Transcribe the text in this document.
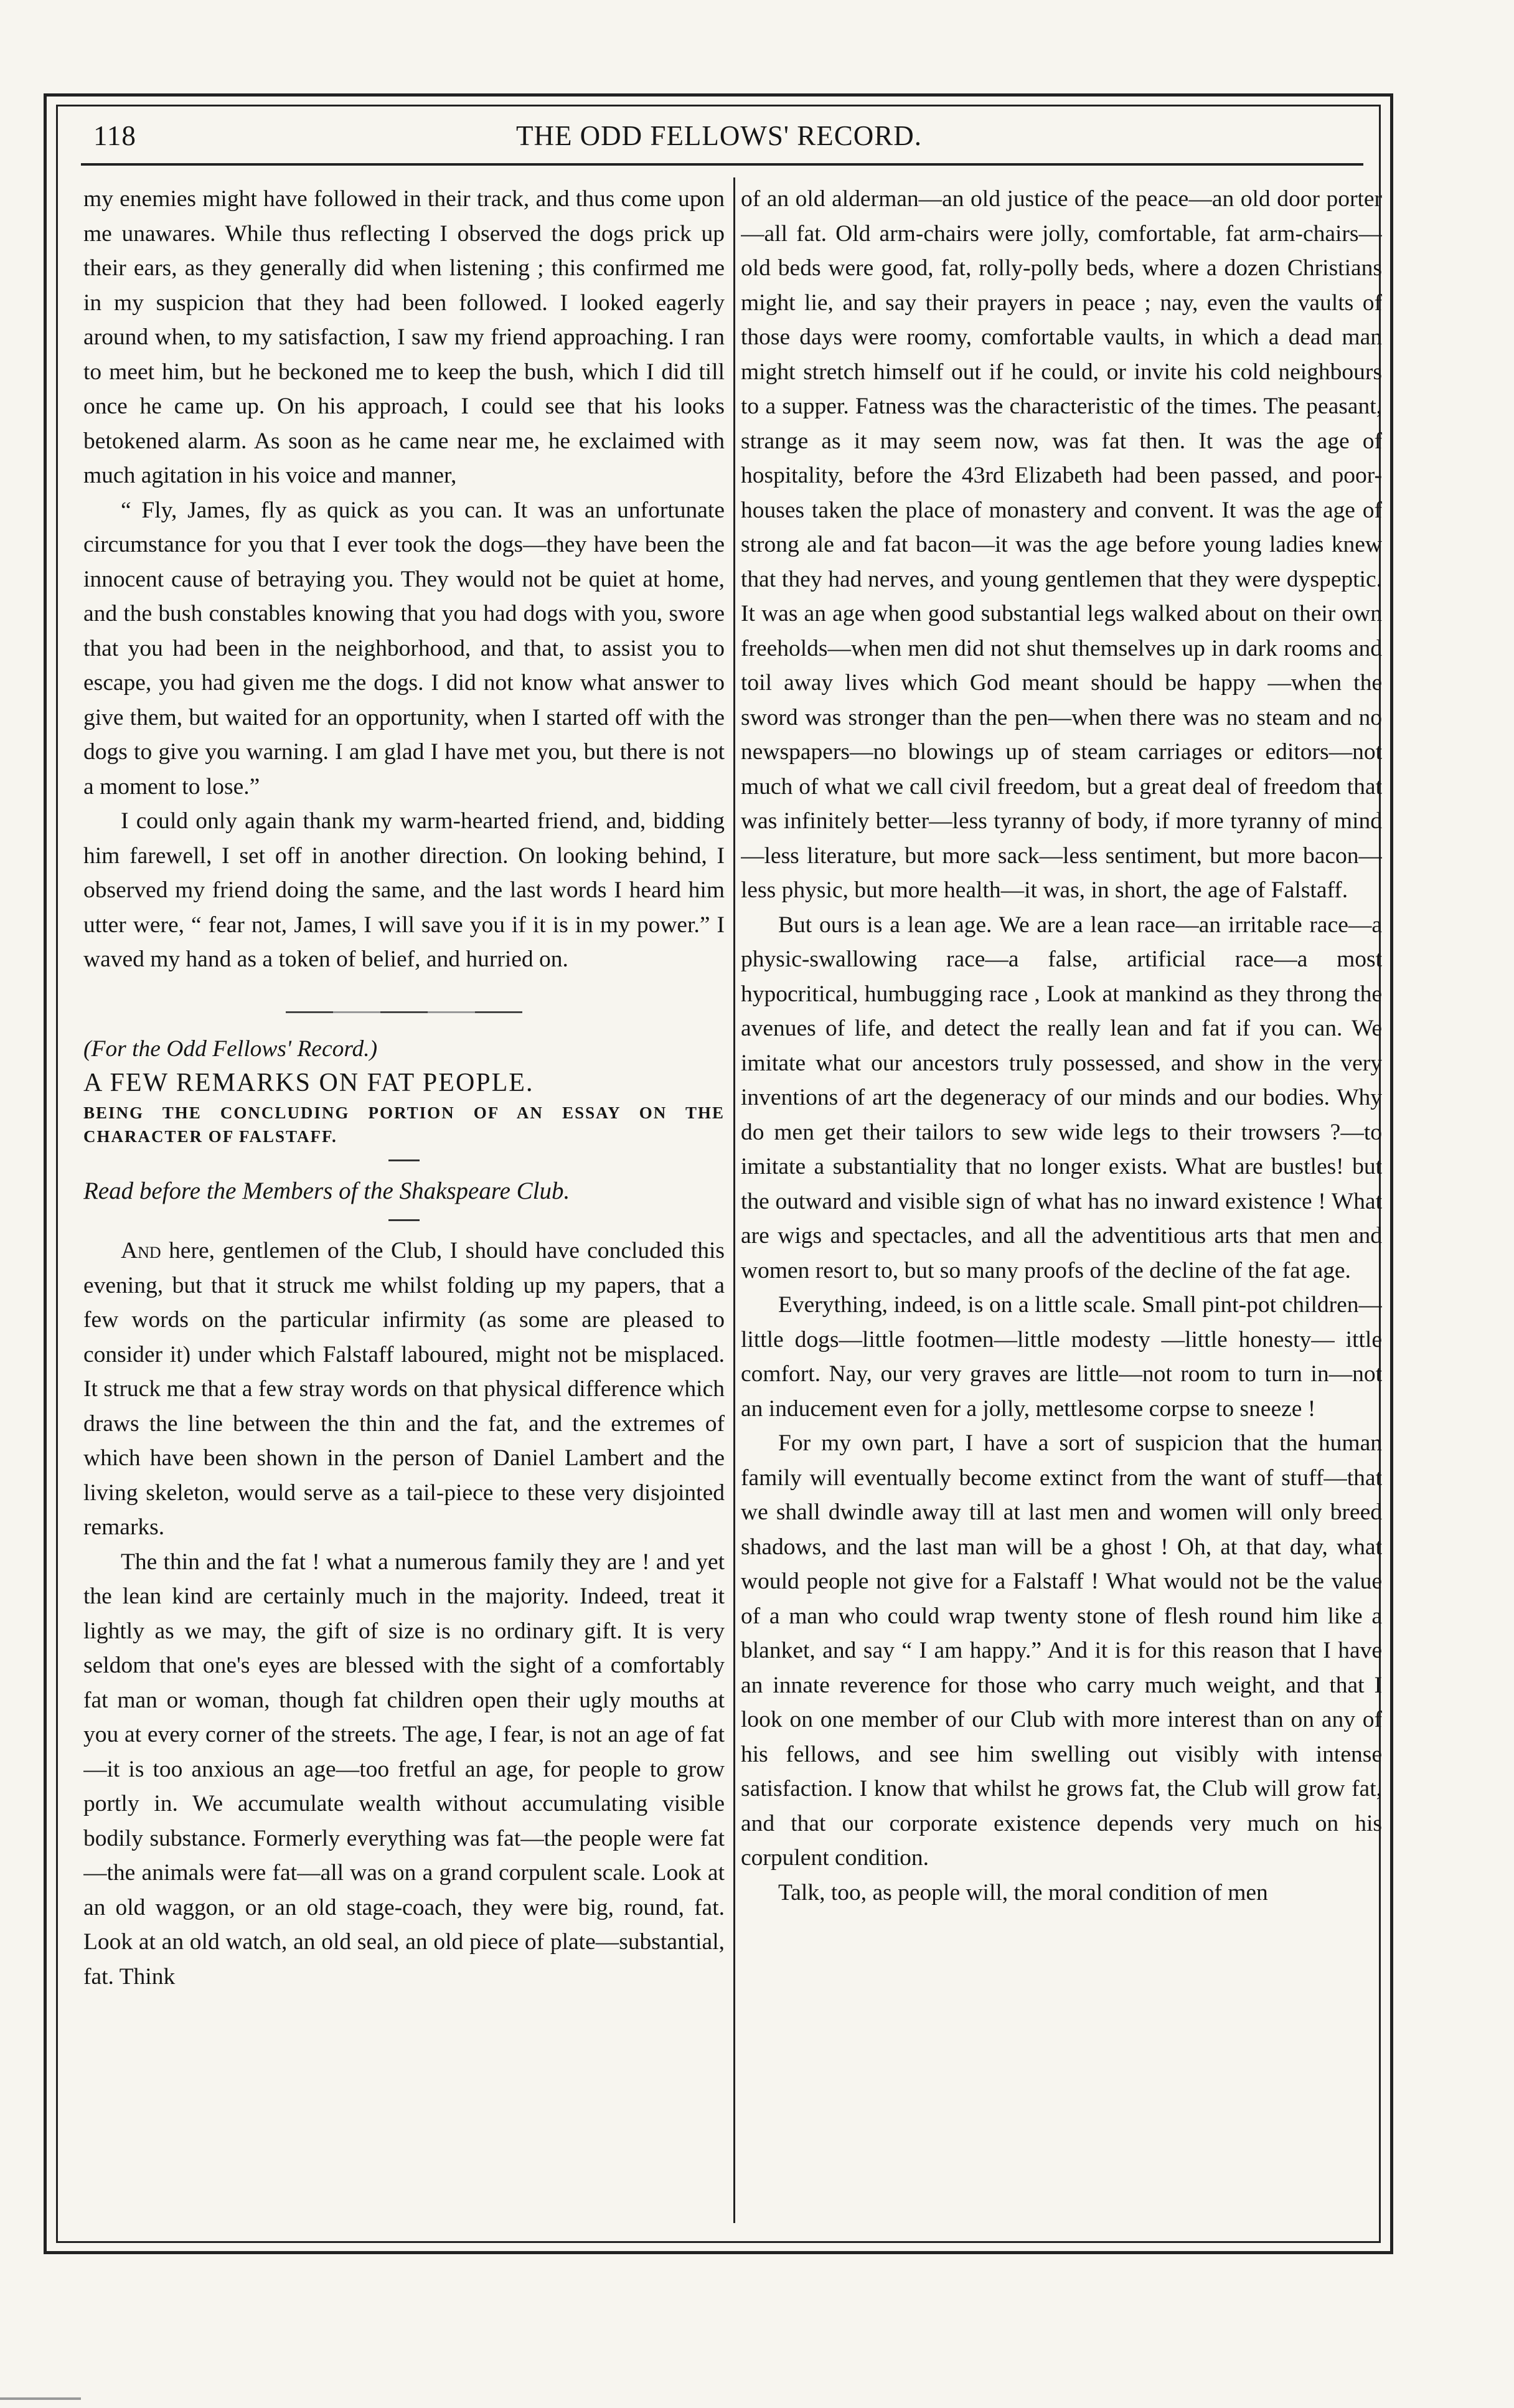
118	THE ODD FELLOWS' RECORD.

my enemies might have followed in their track, and thus come upon me unawares. While thus reflecting I observed the dogs prick up their ears, as they generally did when listening ; this confirmed me in my suspicion that they had been followed. I looked eagerly around when, to my satisfaction, I saw my friend approaching. I ran to meet him, but he beckoned me to keep the bush, which I did till once he came up. On his approach, I could see that his looks betokened alarm. As soon as he came near me, he exclaimed with much agitation in his voice and manner,

“ Fly, James, fly as quick as you can. It was an unfortunate circumstance for you that I ever took the dogs—they have been the innocent cause of betraying you. They would not be quiet at home, and the bush constables knowing that you had dogs with you, swore that you had been in the neighborhood, and that, to assist you to escape, you had given me the dogs. I did not know what answer to give them, but waited for an opportunity, when I started off with the dogs to give you warning. I am glad I have met you, but there is not a moment to lose.”

I could only again thank my warm-hearted friend, and, bidding him farewell, I set off in another direction. On looking behind, I observed my friend doing the same, and the last words I heard him utter were, “ fear not, James, I will save you if it is in my power.” I waved my hand as a token of belief, and hurried on.

(For the Odd Fellows' Record.)

A FEW REMARKS ON FAT PEOPLE.

BEING THE CONCLUDING PORTION OF AN ESSAY ON THE CHARACTER OF FALSTAFF.

Read before the Members of the Shakspeare Club.

And here, gentlemen of the Club, I should have concluded this evening, but that it struck me whilst folding up my papers, that a few words on the particular infirmity (as some are pleased to consider it) under which Falstaff laboured, might not be misplaced. It struck me that a few stray words on that physical difference which draws the line between the thin and the fat, and the extremes of which have been shown in the person of Daniel Lambert and the living skeleton, would serve as a tail-piece to these very disjointed remarks.

The thin and the fat ! what a numerous family they are ! and yet the lean kind are certainly much in the majority. Indeed, treat it lightly as we may, the gift of size is no ordinary gift. It is very seldom that one's eyes are blessed with the sight of a comfortably fat man or woman, though fat children open their ugly mouths at you at every corner of the streets. The age, I fear, is not an age of fat—it is too anxious an age—too fretful an age, for people to grow portly in. We accumulate wealth without accumulating visible bodily substance. Formerly everything was fat—the people were fat—the animals were fat—all was on a grand corpulent scale. Look at an old waggon, or an old stage-coach, they were big, round, fat. Look at an old watch, an old seal, an old piece of plate—substantial, fat. Think

of an old alderman—an old justice of the peace—an old door porter—all fat. Old arm-chairs were jolly, comfortable, fat arm-chairs—old beds were good, fat, rolly-polly beds, where a dozen Christians might lie, and say their prayers in peace ; nay, even the vaults of those days were roomy, comfortable vaults, in which a dead man might stretch himself out if he could, or invite his cold neighbours to a supper. Fatness was the characteristic of the times. The peasant, strange as it may seem now, was fat then. It was the age of hospitality, before the 43rd Elizabeth had been passed, and poor-houses taken the place of monastery and convent. It was the age of strong ale and fat bacon—it was the age before young ladies knew that they had nerves, and young gentlemen that they were dyspeptic. It was an age when good substantial legs walked about on their own freeholds—when men did not shut themselves up in dark rooms and toil away lives which God meant should be happy —when the sword was stronger than the pen—when there was no steam and no newspapers—no blowings up of steam carriages or editors—not much of what we call civil freedom, but a great deal of freedom that was infinitely better—less tyranny of body, if more tyranny of mind—less literature, but more sack—less sentiment, but more bacon—less physic, but more health—it was, in short, the age of Falstaff.

But ours is a lean age. We are a lean race—an irritable race—a physic-swallowing race—a false, artificial race—a most hypocritical, humbugging race , Look at mankind as they throng the avenues of life, and detect the really lean and fat if you can. We imitate what our ancestors truly possessed, and show in the very inventions of art the degeneracy of our minds and our bodies. Why do men get their tailors to sew wide legs to their trowsers ?—to imitate a substantiality that no longer exists. What are bustles! but the outward and visible sign of what has no inward existence ! What are wigs and spectacles, and all the adventitious arts that men and women resort to, but so many proofs of the decline of the fat age.

Everything, indeed, is on a little scale. Small pint-pot children—little dogs—little footmen—little modesty —little honesty— ittle comfort. Nay, our very graves are little—not room to turn in—not an inducement even for a jolly, mettlesome corpse to sneeze !

For my own part, I have a sort of suspicion that the human family will eventually become extinct from the want of stuff—that we shall dwindle away till at last men and women will only breed shadows, and the last man will be a ghost ! Oh, at that day, what would people not give for a Falstaff ! What would not be the value of a man who could wrap twenty stone of flesh round him like a blanket, and say “ I am happy.” And it is for this reason that I have an innate reverence for those who carry much weight, and that I look on one member of our Club with more interest than on any of his fellows, and see him swelling out visibly with intense satisfaction. I know that whilst he grows fat, the Club will grow fat, and that our corporate existence depends very much on his corpulent condition.

Talk, too, as people will, the moral condition of men
